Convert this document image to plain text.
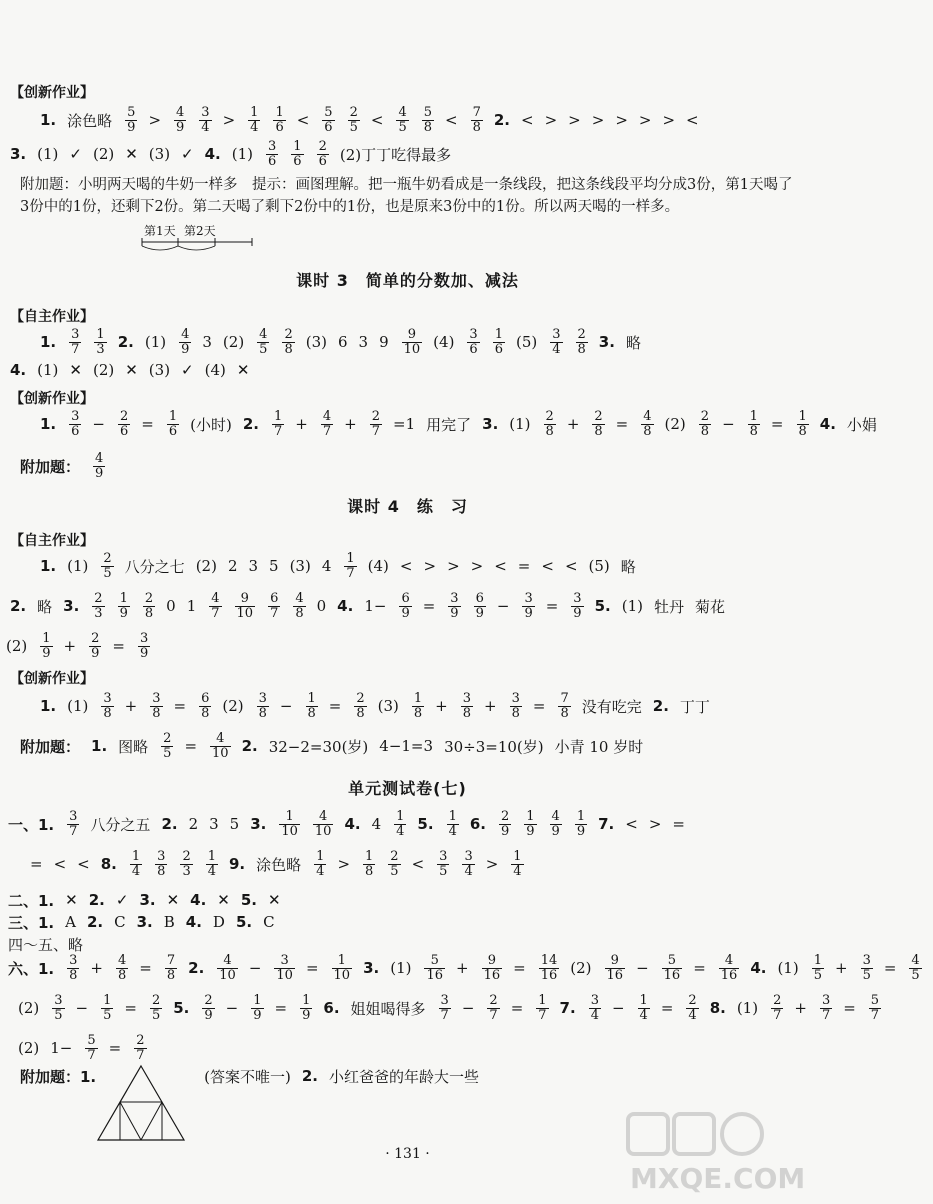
【创新作业】
1. 涂色略 $\frac{5}{9} > \frac{4}{9} \frac{3}{4} > \frac{1}{4} \frac{1}{6} < \frac{5}{6} \frac{2}{5} < \frac{4}{5} \frac{5}{8} < \frac{7}{8} 2$. < > > > > > > <
3. (1) ✓ (2) ✕ (3) ✓ 4. $(1) \frac{3}{6} \frac{1}{6} \frac{2}{6} (2)$丁丁吃得最多
附加题：小明两天喝的牛奶一样多　提示：画图理解。把一瓶牛奶看成是一条线段，把这条线段平均分成3份，第1天喝了3份中的1份，还剩下2份。第二天喝了剩下2份中的1份，也是原来3份中的1份。所以两天喝的一样多。
第1天 第2天
课时 3　简单的分数加、减法
【自主作业】
1. $\frac{3}{7} \frac{1}{3} 2$. $(1) \frac{4}{9} 3$ $(2) \frac{4}{5} \frac{2}{8} (3)$ 6 3 $9 \frac{9}{10} (4) \frac{3}{6} \frac{1}{6} (5) \frac{3}{4} \frac{2}{8} 3$. 略
4. (1) ✕ (2) ✕ (3) ✓ (4) ✕
【创新作业】
1. $\frac{3}{6} - \frac{2}{6} = \frac{1}{6}$ (小时) 2. $\frac{1}{7} + \frac{4}{7} + \frac{2}{7} =1$ 用完了 3. $(1) \frac{2}{8} + \frac{2}{8} = \frac{4}{8} (2) \frac{2}{8} - \frac{1}{8} = \frac{1}{8} 4$. 小娟
附加题： $\frac{4}{9}$
课时 4　练　习
【自主作业】
1. $(1) \frac{2}{5}$ 八分之七 (2) 2 3 5 (3) $4 \frac{1}{7} (4)$ < > > > < = < < (5) 略
2. 略 3. $\frac{2}{3} \frac{1}{9} \frac{2}{8} 0$ $1 \frac{4}{7} \frac{9}{10} \frac{6}{7} \frac{4}{8} 0$ 4. $1- \frac{6}{9} = \frac{3}{9} \frac{6}{9} - \frac{3}{9} = \frac{3}{9} 5$. (1) 牡丹 菊花
$(2) \frac{1}{9} + \frac{2}{9} = \frac{3}{9}$
【创新作业】
1. $(1) \frac{3}{8} + \frac{3}{8} = \frac{6}{8} (2) \frac{3}{8} - \frac{1}{8} = \frac{2}{8} (3) \frac{1}{8} + \frac{3}{8} + \frac{3}{8} = \frac{7}{8}$ 没有吃完 2. 丁丁
附加题： 1. 图略 $\frac{2}{5} = \frac{4}{10} 2$. 32−2=30(岁) 4−1=3 30÷3=10(岁) 小青 10 岁时
单元测试卷(七)
一、1. $\frac{3}{7}$ 八分之五 2. 2 3 5 3. $\frac{1}{10} \frac{4}{10} 4$. $4 \frac{1}{4} 5$. $\frac{1}{4} 6$. $\frac{2}{9} \frac{1}{9} \frac{4}{9} \frac{1}{9} 7$. < > =
= < < 8. $\frac{1}{4} \frac{3}{8} \frac{2}{3} \frac{1}{4} 9$. 涂色略 $\frac{1}{4} > \frac{1}{8} \frac{2}{5} < \frac{3}{5} \frac{3}{4} > \frac{1}{4}$
二、1. ✕ 2. ✓ 3. ✕ 4. ✕ 5. ✕
三、1. A 2. C 3. B 4. D 5. C
四～五、略
六、1. $\frac{3}{8} + \frac{4}{8} = \frac{7}{8} 2$. $\frac{4}{10} - \frac{3}{10} = \frac{1}{10} 3$. $(1) \frac{5}{16} + \frac{9}{16} = \frac{14}{16} (2) \frac{9}{16} - \frac{5}{16} = \frac{4}{16} 4$. $(1) \frac{1}{5} + \frac{3}{5} = \frac{4}{5}$
$(2) \frac{3}{5} - \frac{1}{5} = \frac{2}{5} 5$. $\frac{2}{9} - \frac{1}{9} = \frac{1}{9} 6$. 姐姐喝得多 $\frac{3}{7} - \frac{2}{7} = \frac{1}{7} 7$. $\frac{3}{4} - \frac{1}{4} = \frac{2}{4} 8$. $(1) \frac{2}{7} + \frac{3}{7} = \frac{5}{7}$
(2) $1- \frac{5}{7} = \frac{2}{7}$
附加题：1.	(答案不唯一) 2. 小红爸爸的年龄大一些
· 131 ·
MXQE.COM
